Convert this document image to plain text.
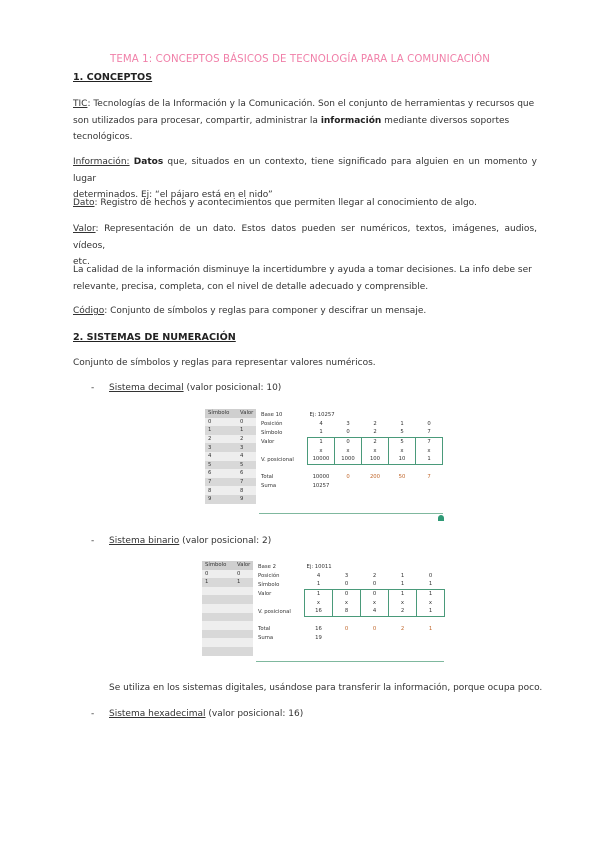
TEMA 1: CONCEPTOS BÁSICOS DE TECNOLOGÍA PARA LA COMUNICACIÓN
1. CONCEPTOS
TIC: Tecnologías de la Información y la Comunicación. Son el conjunto de herramientas y recursos que
son utilizados para procesar, compartir, administrar la información mediante diversos soportes
tecnológicos.
Información: Datos que, situados en un contexto, tiene significado para alguien en un momento y lugar
determinados. Ej: “el pájaro está en el nido”
Dato: Registro de hechos y acontecimientos que permiten llegar al conocimiento de algo.
Valor: Representación de un dato. Estos datos pueden ser numéricos, textos, imágenes, audios, vídeos,
etc.
La calidad de la información disminuye la incertidumbre y ayuda a tomar decisiones. La info debe ser
relevante, precisa, completa, con el nivel de detalle adecuado y comprensible.
Código: Conjunto de símbolos y reglas para componer y descifrar un mensaje.
2. SISTEMAS DE NUMERACIÓN
Conjunto de símbolos y reglas para representar valores numéricos.
- Sistema decimal (valor posicional: 10)
Símbolo	Valor
0	0
1	1
2	2
3	3
4	4
5	5
6	6
7	7
8	8
9	9
Base 10	Ej: 10257				
Posición	4	3	2	1	0
Símbolo	1	0	2	5	7
Valor	1	0	2	5	7
	x	x	x	x	x
V. posicional	10000	1000	100	10	1

Total	10000	0	200	50	7
Suma	10257				
- Sistema binario (valor posicional: 2)
Símbolo	Valor
0	0
1	1

Base 2	Ej: 10011				
Posición	4	3	2	1	0
Símbolo	1	0	0	1	1
Valor	1	0	0	1	1
	x	x	x	x	x
V. posicional	16	8	4	2	1

Total	16	0	0	2	1
Suma	19				
Se utiliza en los sistemas digitales, usándose para transferir la información, porque ocupa poco.
- Sistema hexadecimal (valor posicional: 16)
